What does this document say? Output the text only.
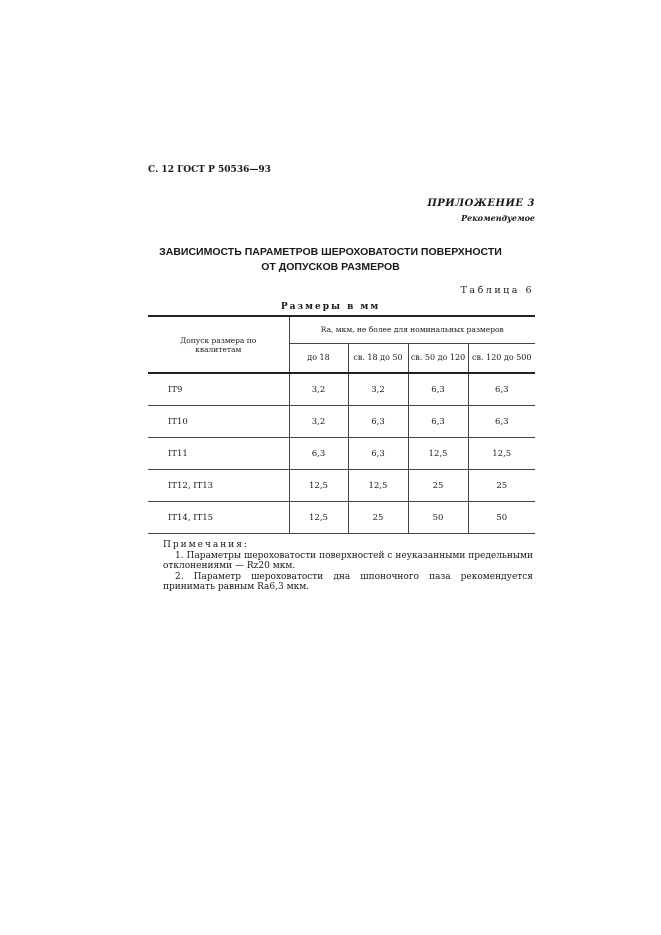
С. 12 ГОСТ Р 50536—93
ПРИЛОЖЕНИЕ 3
Рекомендуемое
ЗАВИСИМОСТЬ ПАРАМЕТРОВ ШЕРОХОВАТОСТИ ПОВЕРХНОСТИ
ОТ ДОПУСКОВ РАЗМЕРОВ
Таблица 6
Размеры в мм
Допуск размера по квалитетам	Ra, мкм, не более для номинальных размеров			
	до 18	св. 18 до 50	св. 50 до 120	св. 120 до 500
IT9	3,2	3,2	6,3	6,3
IT10	3,2	6,3	6,3	6,3
IT11	6,3	6,3	12,5	12,5
IT12, IT13	12,5	12,5	25	25
IT14, IT15	12,5	25	50	50

Примечания:

1. Параметры шероховатости поверхностей с неуказанными предельными отклонениями — Rz20 мкм.

2. Параметр шероховатости дна шпоночного паза рекомендуется принимать равным Ra6,3 мкм.
